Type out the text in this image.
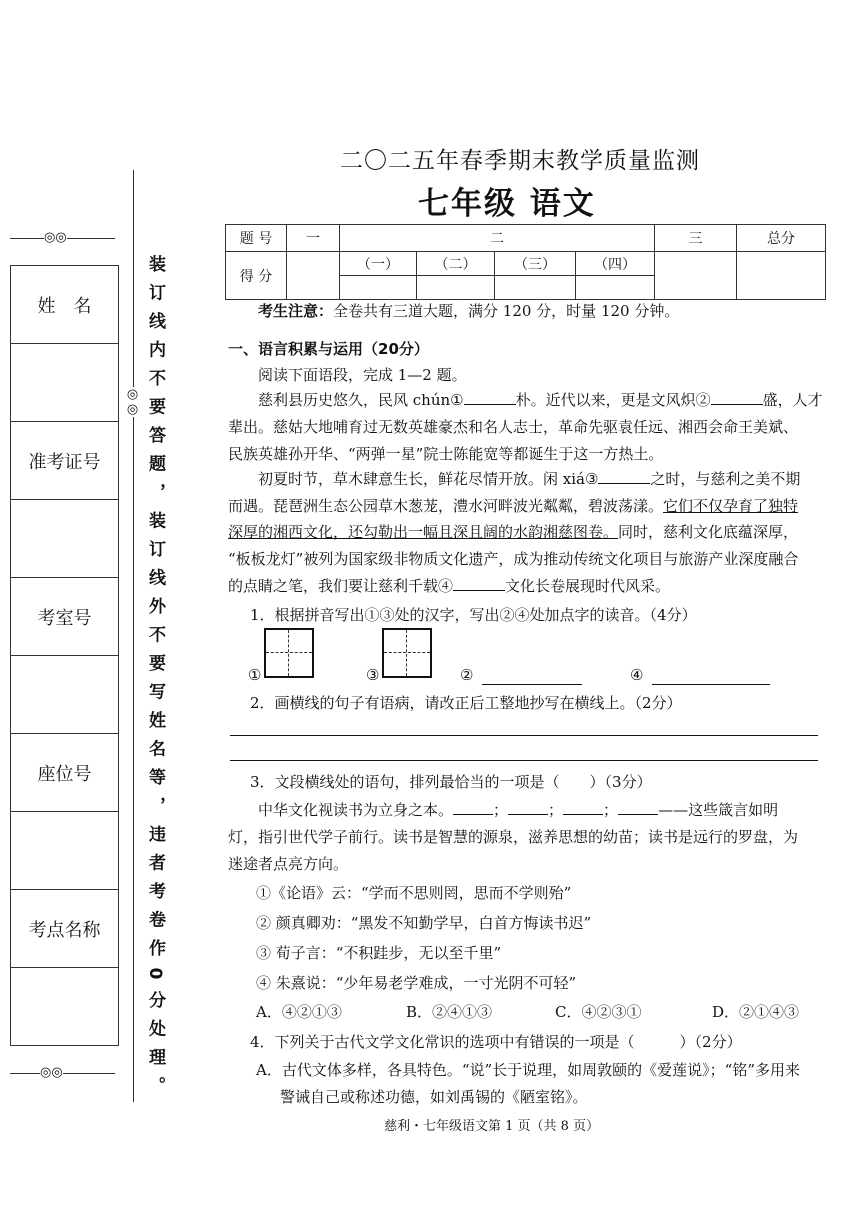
◎◎
◎◎
◎◎
姓　名
准考证号
考室号
座位号
考点名称	装订线内不要答题，装订线外不要写姓名等，违者考卷作0分处理。
二〇二五年春季期末教学质量监测
七年级 语文
题 号	一	二				三	总分
得 分		（一）	（二）	（三）	（四）		

考生注意：全卷共有三道大题，满分 120 分，时量 120 分钟。
一、语言积累与运用（20分）
阅读下面语段，完成 1—2 题。
慈利县历史悠久，民风 chún①	朴。近代以来，更是文风炽②	盛，人才
辈出。慈姑大地哺育过无数英雄豪杰和名人志士，革命先驱袁任远、湘西会命王美斌、
民族英雄孙开华、“两弹一星”院士陈能宽等都诞生于这一方热土。
初夏时节，草木肆意生长，鲜花尽情开放。闲 xiá③	之时，与慈利之美不期
而遇。琵琶洲生态公园草木葱茏，澧水河畔波光粼粼，碧波荡漾。它们不仅孕育了独特
深厚的湘西文化，还勾勒出一幅且深且阔的水韵湘慈图卷。同时，慈利文化底蕴深厚，
“板板龙灯”被列为国家级非物质文化遗产，成为推动传统文化项目与旅游产业深度融合
的点睛之笔，我们要让慈利千载④	文化长卷展现时代风采。
1．根据拼音写出①③处的汉字，写出②④处加点字的读音。（4分）
①	③	②	④
2．画横线的句子有语病，请改正后工整地抄写在横线上。（2分）
3．文段横线处的语句，排列最恰当的一项是（　　）（3分）
中华文化视读书为立身之本。	；	；	；	——这些箴言如明
灯，指引世代学子前行。读书是智慧的源泉，滋养思想的幼苗；读书是远行的罗盘，为
迷途者点亮方向。
①《论语》云：“学而不思则罔，思而不学则殆”
② 颜真卿劝：“黑发不知勤学早，白首方悔读书迟”
③ 荀子言：“不积跬步，无以至千里”
④ 朱熹说：“少年易老学难成，一寸光阴不可轻”
A．④②①③	B．②④①③	C．④②③①	D．②①④③
4．下列关于古代文学文化常识的选项中有错误的一项是（　　　）（2分）
A．古代文体多样，各具特色。“说”长于说理，如周敦颐的《爱莲说》；“铭”多用来
警诫自己或称述功德，如刘禹锡的《陋室铭》。
慈利・七年级语文第 1 页（共 8 页）
